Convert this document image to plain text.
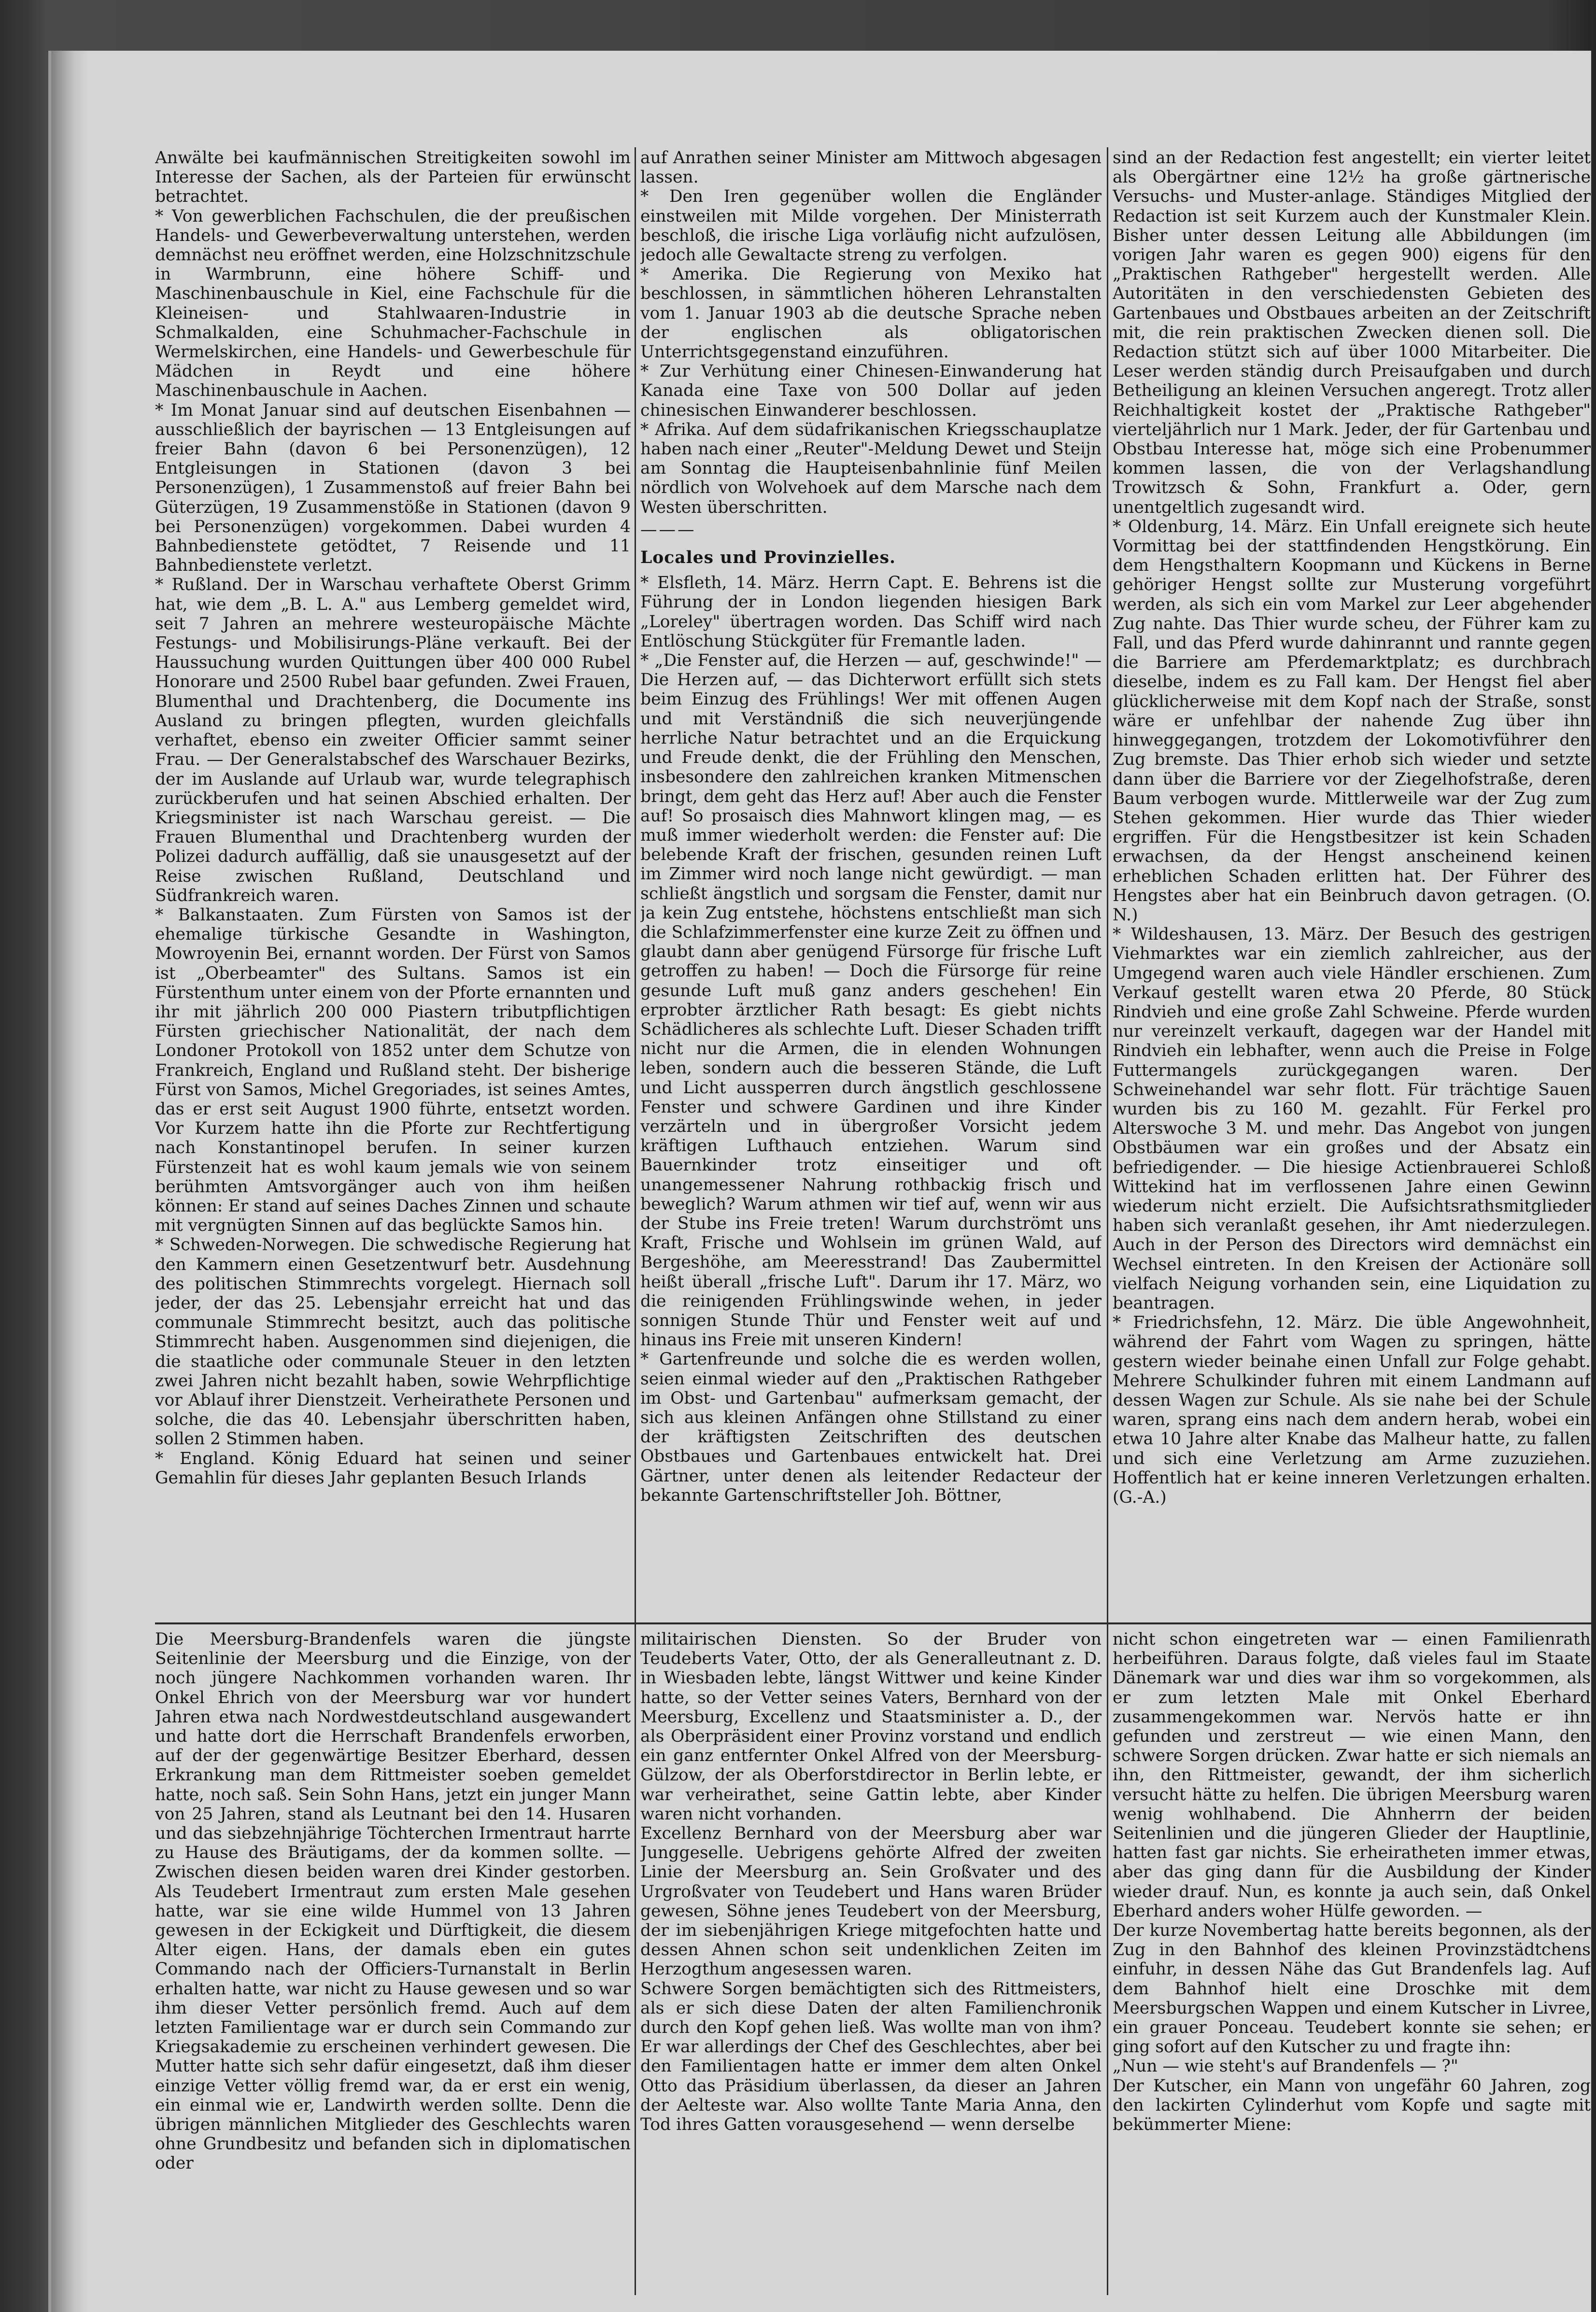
Anwälte bei kaufmännischen Streitigkeiten sowohl im Interesse der Sachen, als der Parteien für erwünscht betrachtet.

* Von gewerblichen Fachschulen, die der preußischen Handels- und Gewerbeverwaltung unterstehen, werden demnächst neu eröffnet werden, eine Holzschnitzschule in Warmbrunn, eine höhere Schiff- und Maschinenbauschule in Kiel, eine Fachschule für die Kleineisen- und Stahlwaaren-Industrie in Schmalkalden, eine Schuhmacher-Fachschule in Wermelskirchen, eine Handels- und Gewerbeschule für Mädchen in Reydt und eine höhere Maschinenbauschule in Aachen.

* Im Monat Januar sind auf deutschen Eisenbahnen — ausschließlich der bayrischen — 13 Entgleisungen auf freier Bahn (davon 6 bei Personenzügen), 12 Entgleisungen in Stationen (davon 3 bei Personenzügen), 1 Zusammenstoß auf freier Bahn bei Güterzügen, 19 Zusammenstöße in Stationen (davon 9 bei Personenzügen) vorgekommen. Dabei wurden 4 Bahnbedienstete getödtet, 7 Reisende und 11 Bahnbedienstete verletzt.

* Rußland. Der in Warschau verhaftete Oberst Grimm hat, wie dem „B. L. A." aus Lemberg gemeldet wird, seit 7 Jahren an mehrere westeuropäische Mächte Festungs- und Mobilisirungs-Pläne verkauft. Bei der Haussuchung wurden Quittungen über 400 000 Rubel Honorare und 2500 Rubel baar gefunden. Zwei Frauen, Blumenthal und Drachtenberg, die Documente ins Ausland zu bringen pflegten, wurden gleichfalls verhaftet, ebenso ein zweiter Officier sammt seiner Frau. — Der Generalstabschef des Warschauer Bezirks, der im Auslande auf Urlaub war, wurde telegraphisch zurückberufen und hat seinen Abschied erhalten. Der Kriegsminister ist nach Warschau gereist. — Die Frauen Blumenthal und Drachtenberg wurden der Polizei dadurch auffällig, daß sie unausgesetzt auf der Reise zwischen Rußland, Deutschland und Südfrankreich waren.

* Balkanstaaten. Zum Fürsten von Samos ist der ehemalige türkische Gesandte in Washington, Mowroyenin Bei, ernannt worden. Der Fürst von Samos ist „Oberbeamter" des Sultans. Samos ist ein Fürstenthum unter einem von der Pforte ernannten und ihr mit jährlich 200 000 Piastern tributpflichtigen Fürsten griechischer Nationalität, der nach dem Londoner Protokoll von 1852 unter dem Schutze von Frankreich, England und Rußland steht. Der bisherige Fürst von Samos, Michel Gregoriades, ist seines Amtes, das er erst seit August 1900 führte, entsetzt worden. Vor Kurzem hatte ihn die Pforte zur Rechtfertigung nach Konstantinopel berufen. In seiner kurzen Fürstenzeit hat es wohl kaum jemals wie von seinem berühmten Amtsvorgänger auch von ihm heißen können: Er stand auf seines Daches Zinnen und schaute mit vergnügten Sinnen auf das beglückte Samos hin.

* Schweden-Norwegen. Die schwedische Regierung hat den Kammern einen Gesetzentwurf betr. Ausdehnung des politischen Stimmrechts vorgelegt. Hiernach soll jeder, der das 25. Lebensjahr erreicht hat und das communale Stimmrecht besitzt, auch das politische Stimmrecht haben. Ausgenommen sind diejenigen, die die staatliche oder communale Steuer in den letzten zwei Jahren nicht bezahlt haben, sowie Wehrpflichtige vor Ablauf ihrer Dienstzeit. Verheirathete Personen und solche, die das 40. Lebensjahr überschritten haben, sollen 2 Stimmen haben.

* England. König Eduard hat seinen und seiner Gemahlin für dieses Jahr geplanten Besuch Irlands

auf Anrathen seiner Minister am Mittwoch abgesagen lassen.

* Den Iren gegenüber wollen die Engländer einstweilen mit Milde vorgehen. Der Ministerrath beschloß, die irische Liga vorläufig nicht aufzulösen, jedoch alle Gewaltacte streng zu verfolgen.

* Amerika. Die Regierung von Mexiko hat beschlossen, in sämmtlichen höheren Lehranstalten vom 1. Januar 1903 ab die deutsche Sprache neben der englischen als obligatorischen Unterrichtsgegenstand einzuführen.

* Zur Verhütung einer Chinesen-Einwanderung hat Kanada eine Taxe von 500 Dollar auf jeden chinesischen Einwanderer beschlossen.

* Afrika. Auf dem südafrikanischen Kriegsschauplatze haben nach einer „Reuter"-Meldung Dewet und Steijn am Sonntag die Haupteisenbahnlinie fünf Meilen nördlich von Wolvehoek auf dem Marsche nach dem Westen überschritten.

———

Locales und Provinzielles.

* Elsfleth, 14. März. Herrn Capt. E. Behrens ist die Führung der in London liegenden hiesigen Bark „Loreley" übertragen worden. Das Schiff wird nach Entlöschung Stückgüter für Fremantle laden.

* „Die Fenster auf, die Herzen — auf, geschwinde!" — Die Herzen auf, — das Dichterwort erfüllt sich stets beim Einzug des Frühlings! Wer mit offenen Augen und mit Verständniß die sich neuverjüngende herrliche Natur betrachtet und an die Erquickung und Freude denkt, die der Frühling den Menschen, insbesondere den zahlreichen kranken Mitmenschen bringt, dem geht das Herz auf! Aber auch die Fenster auf! So prosaisch dies Mahnwort klingen mag, — es muß immer wiederholt werden: die Fenster auf: Die belebende Kraft der frischen, gesunden reinen Luft im Zimmer wird noch lange nicht gewürdigt. — man schließt ängstlich und sorgsam die Fenster, damit nur ja kein Zug entstehe, höchstens entschließt man sich die Schlafzimmerfenster eine kurze Zeit zu öffnen und glaubt dann aber genügend Fürsorge für frische Luft getroffen zu haben! — Doch die Fürsorge für reine gesunde Luft muß ganz anders geschehen! Ein erprobter ärztlicher Rath besagt: Es giebt nichts Schädlicheres als schlechte Luft. Dieser Schaden trifft nicht nur die Armen, die in elenden Wohnungen leben, sondern auch die besseren Stände, die Luft und Licht aussperren durch ängstlich geschlossene Fenster und schwere Gardinen und ihre Kinder verzärteln und in übergroßer Vorsicht jedem kräftigen Lufthauch entziehen. Warum sind Bauernkinder trotz einseitiger und oft unangemessener Nahrung rothbackig frisch und beweglich? Warum athmen wir tief auf, wenn wir aus der Stube ins Freie treten! Warum durchströmt uns Kraft, Frische und Wohlsein im grünen Wald, auf Bergeshöhe, am Meeresstrand! Das Zaubermittel heißt überall „frische Luft". Darum ihr 17. März, wo die reinigenden Frühlingswinde wehen, in jeder sonnigen Stunde Thür und Fenster weit auf und hinaus ins Freie mit unseren Kindern!

* Gartenfreunde und solche die es werden wollen, seien einmal wieder auf den „Praktischen Rathgeber im Obst- und Gartenbau" aufmerksam gemacht, der sich aus kleinen Anfängen ohne Stillstand zu einer der kräftigsten Zeitschriften des deutschen Obstbaues und Gartenbaues entwickelt hat. Drei Gärtner, unter denen als leitender Redacteur der bekannte Gartenschriftsteller Joh. Böttner,

sind an der Redaction fest angestellt; ein vierter leitet als Obergärtner eine 12½ ha große gärtnerische Versuchs- und Muster-anlage. Ständiges Mitglied der Redaction ist seit Kurzem auch der Kunstmaler Klein. Bisher unter dessen Leitung alle Abbildungen (im vorigen Jahr waren es gegen 900) eigens für den „Praktischen Rathgeber" hergestellt werden. Alle Autoritäten in den verschiedensten Gebieten des Gartenbaues und Obstbaues arbeiten an der Zeitschrift mit, die rein praktischen Zwecken dienen soll. Die Redaction stützt sich auf über 1000 Mitarbeiter. Die Leser werden ständig durch Preisaufgaben und durch Betheiligung an kleinen Versuchen angeregt. Trotz aller Reichhaltigkeit kostet der „Praktische Rathgeber" vierteljährlich nur 1 Mark. Jeder, der für Gartenbau und Obstbau Interesse hat, möge sich eine Probenummer kommen lassen, die von der Verlagshandlung Trowitzsch & Sohn, Frankfurt a. Oder, gern unentgeltlich zugesandt wird.

* Oldenburg, 14. März. Ein Unfall ereignete sich heute Vormittag bei der stattfindenden Hengstkörung. Ein dem Hengsthaltern Koopmann und Kückens in Berne gehöriger Hengst sollte zur Musterung vorgeführt werden, als sich ein vom Markel zur Leer abgehender Zug nahte. Das Thier wurde scheu, der Führer kam zu Fall, und das Pferd wurde dahinrannt und rannte gegen die Barriere am Pferdemarktplatz; es durchbrach dieselbe, indem es zu Fall kam. Der Hengst fiel aber glücklicherweise mit dem Kopf nach der Straße, sonst wäre er unfehlbar der nahende Zug über ihn hinweggegangen, trotzdem der Lokomotivführer den Zug bremste. Das Thier erhob sich wieder und setzte dann über die Barriere vor der Ziegelhofstraße, deren Baum verbogen wurde. Mittlerweile war der Zug zum Stehen gekommen. Hier wurde das Thier wieder ergriffen. Für die Hengstbesitzer ist kein Schaden erwachsen, da der Hengst anscheinend keinen erheblichen Schaden erlitten hat. Der Führer des Hengstes aber hat ein Beinbruch davon getragen. (O. N.)

* Wildeshausen, 13. März. Der Besuch des gestrigen Viehmarktes war ein ziemlich zahlreicher, aus der Umgegend waren auch viele Händler erschienen. Zum Verkauf gestellt waren etwa 20 Pferde, 80 Stück Rindvieh und eine große Zahl Schweine. Pferde wurden nur vereinzelt verkauft, dagegen war der Handel mit Rindvieh ein lebhafter, wenn auch die Preise in Folge Futtermangels zurückgegangen waren. Der Schweinehandel war sehr flott. Für trächtige Sauen wurden bis zu 160 M. gezahlt. Für Ferkel pro Alterswoche 3 M. und mehr. Das Angebot von jungen Obstbäumen war ein großes und der Absatz ein befriedigender. — Die hiesige Actienbrauerei Schloß Wittekind hat im verflossenen Jahre einen Gewinn wiederum nicht erzielt. Die Aufsichtsrathsmitglieder haben sich veranlaßt gesehen, ihr Amt niederzulegen. Auch in der Person des Directors wird demnächst ein Wechsel eintreten. In den Kreisen der Actionäre soll vielfach Neigung vorhanden sein, eine Liquidation zu beantragen.

* Friedrichsfehn, 12. März. Die üble Angewohnheit, während der Fahrt vom Wagen zu springen, hätte gestern wieder beinahe einen Unfall zur Folge gehabt. Mehrere Schulkinder fuhren mit einem Landmann auf dessen Wagen zur Schule. Als sie nahe bei der Schule waren, sprang eins nach dem andern herab, wobei ein etwa 10 Jahre alter Knabe das Malheur hatte, zu fallen und sich eine Verletzung am Arme zuzuziehen. Hoffentlich hat er keine inneren Verletzungen erhalten. (G.-A.)

Die Meersburg-Brandenfels waren die jüngste Seitenlinie der Meersburg und die Einzige, von der noch jüngere Nachkommen vorhanden waren. Ihr Onkel Ehrich von der Meersburg war vor hundert Jahren etwa nach Nordwestdeutschland ausgewandert und hatte dort die Herrschaft Brandenfels erworben, auf der der gegenwärtige Besitzer Eberhard, dessen Erkrankung man dem Rittmeister soeben gemeldet hatte, noch saß. Sein Sohn Hans, jetzt ein junger Mann von 25 Jahren, stand als Leutnant bei den 14. Husaren und das siebzehnjährige Töchterchen Irmentraut harrte zu Hause des Bräutigams, der da kommen sollte. — Zwischen diesen beiden waren drei Kinder gestorben. Als Teudebert Irmentraut zum ersten Male gesehen hatte, war sie eine wilde Hummel von 13 Jahren gewesen in der Eckigkeit und Dürftigkeit, die diesem Alter eigen. Hans, der damals eben ein gutes Commando nach der Officiers-Turnanstalt in Berlin erhalten hatte, war nicht zu Hause gewesen und so war ihm dieser Vetter persönlich fremd. Auch auf dem letzten Familientage war er durch sein Commando zur Kriegsakademie zu erscheinen verhindert gewesen. Die Mutter hatte sich sehr dafür eingesetzt, daß ihm dieser einzige Vetter völlig fremd war, da er erst ein wenig, ein einmal wie er, Landwirth werden sollte. Denn die übrigen männlichen Mitglieder des Geschlechts waren ohne Grundbesitz und befanden sich in diplomatischen oder

militairischen Diensten. So der Bruder von Teudeberts Vater, Otto, der als Generalleutnant z. D. in Wiesbaden lebte, längst Wittwer und keine Kinder hatte, so der Vetter seines Vaters, Bernhard von der Meersburg, Excellenz und Staatsminister a. D., der als Oberpräsident einer Provinz vorstand und endlich ein ganz entfernter Onkel Alfred von der Meersburg-Gülzow, der als Oberforstdirector in Berlin lebte, er war verheirathet, seine Gattin lebte, aber Kinder waren nicht vorhanden.

Excellenz Bernhard von der Meersburg aber war Junggeselle. Uebrigens gehörte Alfred der zweiten Linie der Meersburg an. Sein Großvater und des Urgroßvater von Teudebert und Hans waren Brüder gewesen, Söhne jenes Teudebert von der Meersburg, der im siebenjährigen Kriege mitgefochten hatte und dessen Ahnen schon seit undenklichen Zeiten im Herzogthum angesessen waren.

Schwere Sorgen bemächtigten sich des Rittmeisters, als er sich diese Daten der alten Familienchronik durch den Kopf gehen ließ. Was wollte man von ihm? Er war allerdings der Chef des Geschlechtes, aber bei den Familientagen hatte er immer dem alten Onkel Otto das Präsidium überlassen, da dieser an Jahren der Aelteste war. Also wollte Tante Maria Anna, den Tod ihres Gatten vorausgesehend — wenn derselbe

nicht schon eingetreten war — einen Familienrath herbeiführen. Daraus folgte, daß vieles faul im Staate Dänemark war und dies war ihm so vorgekommen, als er zum letzten Male mit Onkel Eberhard zusammengekommen war. Nervös hatte er ihn gefunden und zerstreut — wie einen Mann, den schwere Sorgen drücken. Zwar hatte er sich niemals an ihn, den Rittmeister, gewandt, der ihm sicherlich versucht hätte zu helfen. Die übrigen Meersburg waren wenig wohlhabend. Die Ahnherrn der beiden Seitenlinien und die jüngeren Glieder der Hauptlinie, hatten fast gar nichts. Sie erheiratheten immer etwas, aber das ging dann für die Ausbildung der Kinder wieder drauf. Nun, es konnte ja auch sein, daß Onkel Eberhard anders woher Hülfe geworden. —

Der kurze Novembertag hatte bereits begonnen, als der Zug in den Bahnhof des kleinen Provinzstädtchens einfuhr, in dessen Nähe das Gut Brandenfels lag. Auf dem Bahnhof hielt eine Droschke mit dem Meersburgschen Wappen und einem Kutscher in Livree, ein grauer Ponceau. Teudebert konnte sie sehen; er ging sofort auf den Kutscher zu und fragte ihn:

„Nun — wie steht's auf Brandenfels — ?"

Der Kutscher, ein Mann von ungefähr 60 Jahren, zog den lackirten Cylinderhut vom Kopfe und sagte mit bekümmerter Miene:
